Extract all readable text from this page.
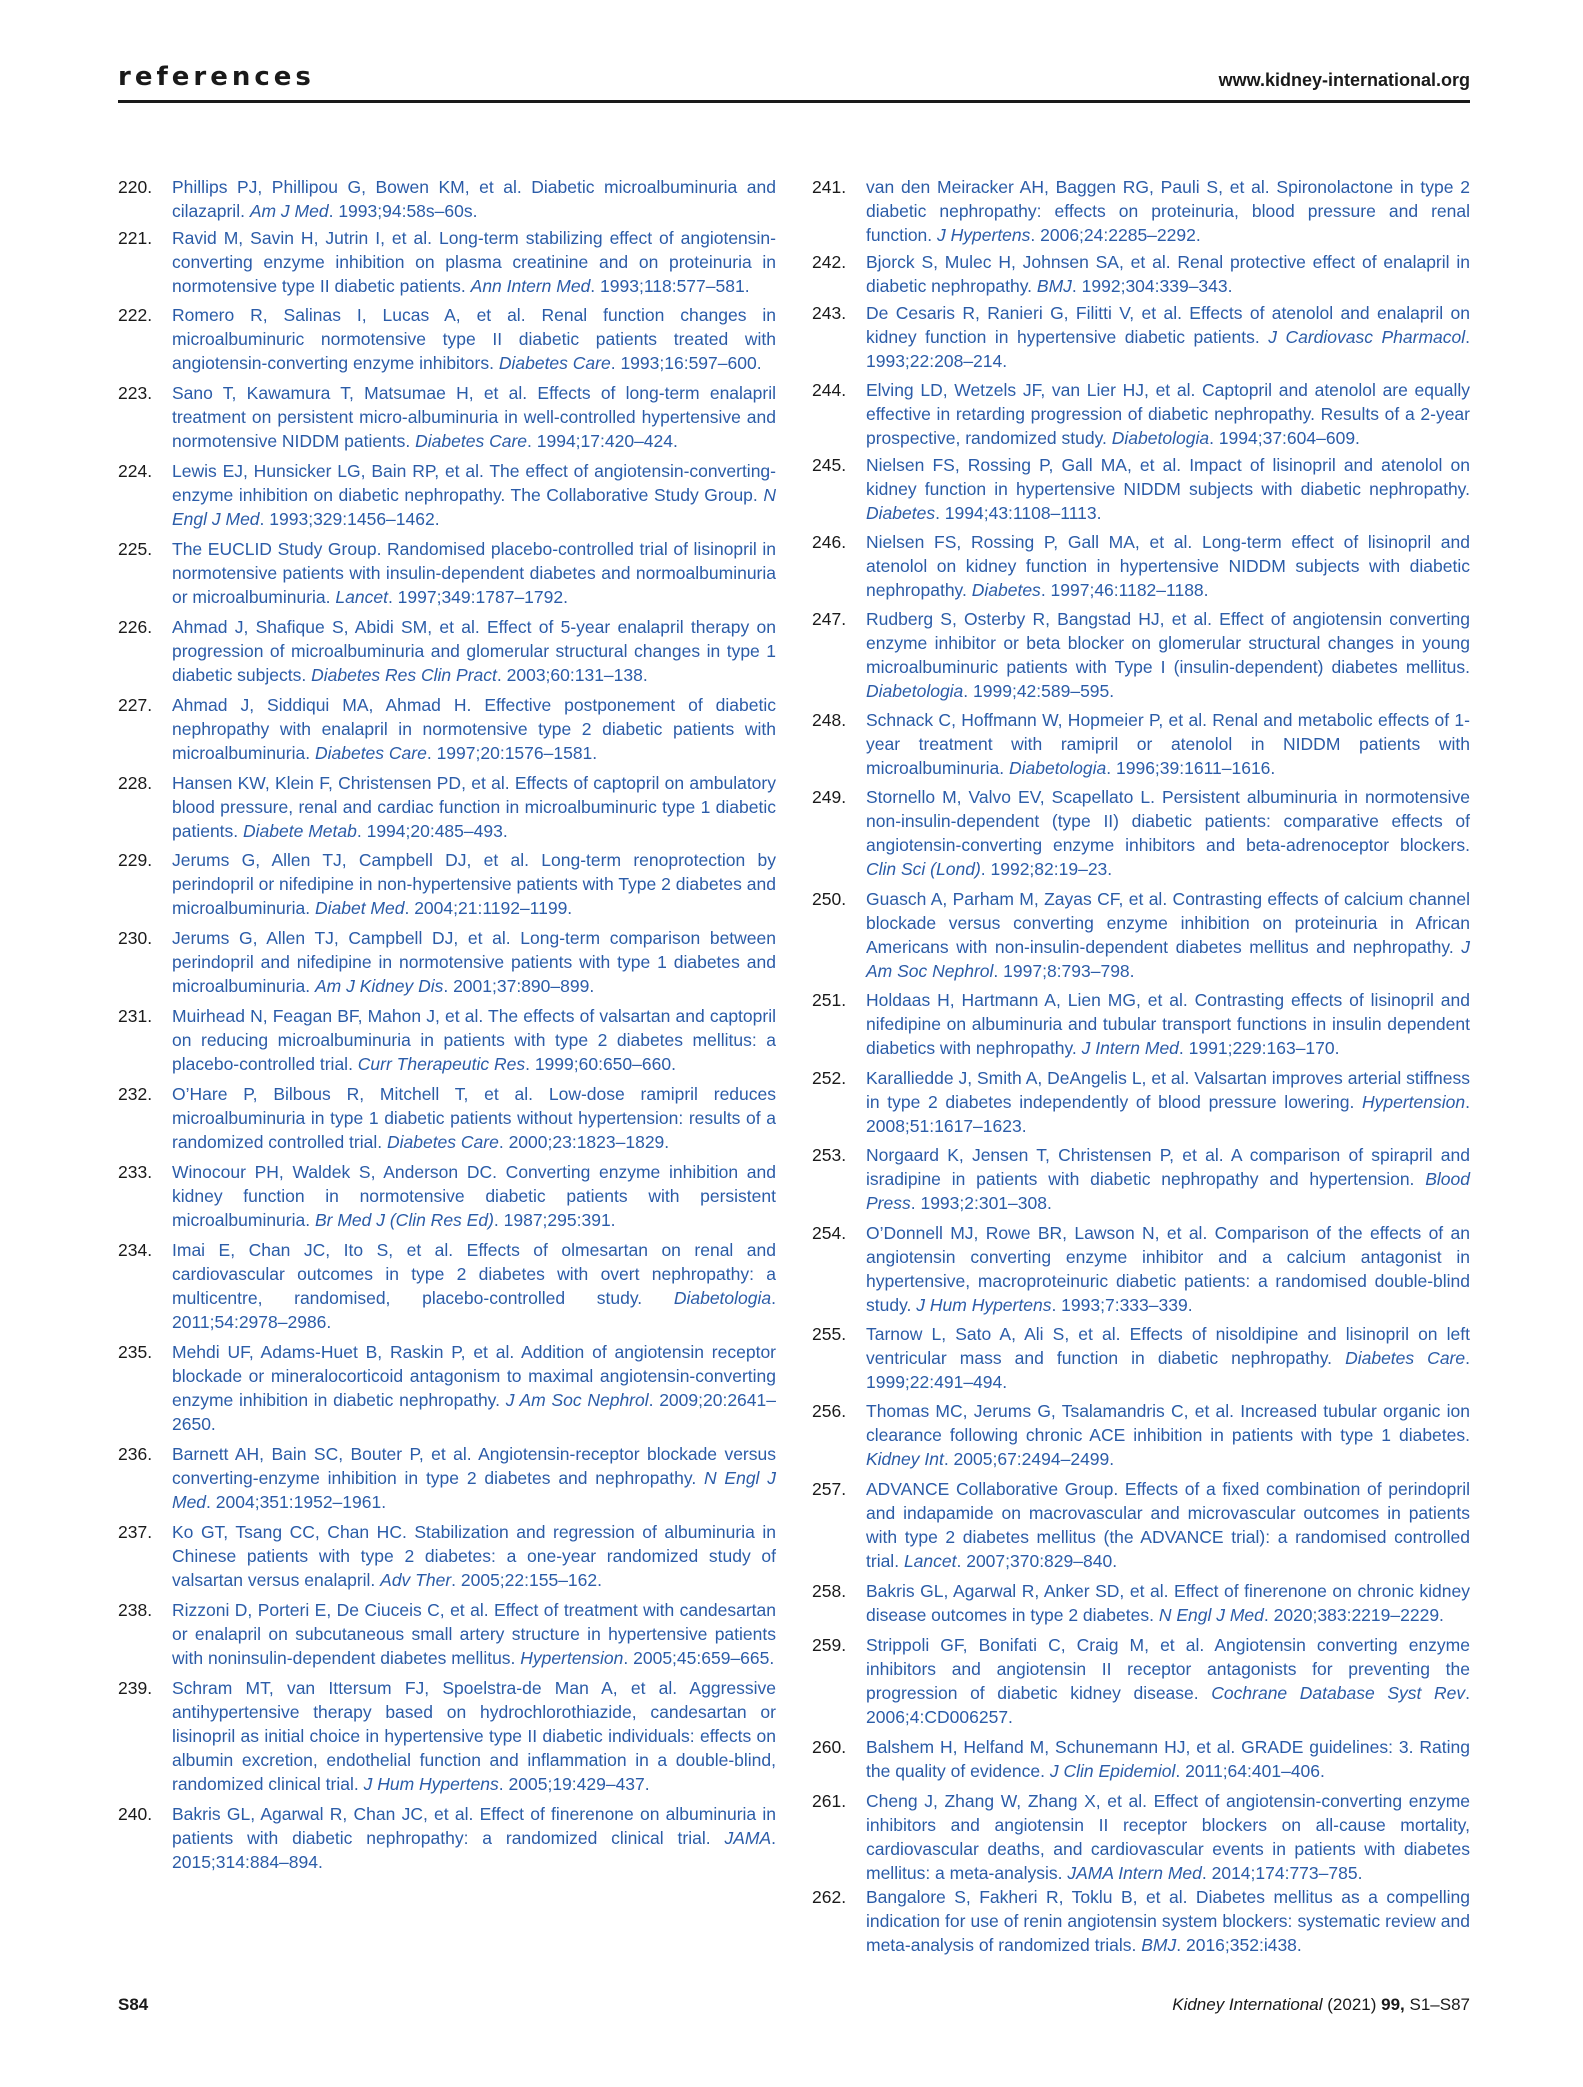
references	www.kidney-international.org
220. Phillips PJ, Phillipou G, Bowen KM, et al. Diabetic microalbuminuria and cilazapril. Am J Med. 1993;94:58s–60s.
221. Ravid M, Savin H, Jutrin I, et al. Long-term stabilizing effect of angiotensin-converting enzyme inhibition on plasma creatinine and on proteinuria in normotensive type II diabetic patients. Ann Intern Med. 1993;118:577–581.
222. Romero R, Salinas I, Lucas A, et al. Renal function changes in microalbuminuric normotensive type II diabetic patients treated with angiotensin-converting enzyme inhibitors. Diabetes Care. 1993;16:597–600.
223. Sano T, Kawamura T, Matsumae H, et al. Effects of long-term enalapril treatment on persistent micro-albuminuria in well-controlled hypertensive and normotensive NIDDM patients. Diabetes Care. 1994;17:420–424.
224. Lewis EJ, Hunsicker LG, Bain RP, et al. The effect of angiotensin-converting-enzyme inhibition on diabetic nephropathy. The Collaborative Study Group. N Engl J Med. 1993;329:1456–1462.
225. The EUCLID Study Group. Randomised placebo-controlled trial of lisinopril in normotensive patients with insulin-dependent diabetes and normoalbuminuria or microalbuminuria. Lancet. 1997;349:1787–1792.
226. Ahmad J, Shafique S, Abidi SM, et al. Effect of 5-year enalapril therapy on progression of microalbuminuria and glomerular structural changes in type 1 diabetic subjects. Diabetes Res Clin Pract. 2003;60:131–138.
227. Ahmad J, Siddiqui MA, Ahmad H. Effective postponement of diabetic nephropathy with enalapril in normotensive type 2 diabetic patients with microalbuminuria. Diabetes Care. 1997;20:1576–1581.
228. Hansen KW, Klein F, Christensen PD, et al. Effects of captopril on ambulatory blood pressure, renal and cardiac function in microalbuminuric type 1 diabetic patients. Diabete Metab. 1994;20:485–493.
229. Jerums G, Allen TJ, Campbell DJ, et al. Long-term renoprotection by perindopril or nifedipine in non-hypertensive patients with Type 2 diabetes and microalbuminuria. Diabet Med. 2004;21:1192–1199.
230. Jerums G, Allen TJ, Campbell DJ, et al. Long-term comparison between perindopril and nifedipine in normotensive patients with type 1 diabetes and microalbuminuria. Am J Kidney Dis. 2001;37:890–899.
231. Muirhead N, Feagan BF, Mahon J, et al. The effects of valsartan and captopril on reducing microalbuminuria in patients with type 2 diabetes mellitus: a placebo-controlled trial. Curr Therapeutic Res. 1999;60:650–660.
232. O’Hare P, Bilbous R, Mitchell T, et al. Low-dose ramipril reduces microalbuminuria in type 1 diabetic patients without hypertension: results of a randomized controlled trial. Diabetes Care. 2000;23:1823–1829.
233. Winocour PH, Waldek S, Anderson DC. Converting enzyme inhibition and kidney function in normotensive diabetic patients with persistent microalbuminuria. Br Med J (Clin Res Ed). 1987;295:391.
234. Imai E, Chan JC, Ito S, et al. Effects of olmesartan on renal and cardiovascular outcomes in type 2 diabetes with overt nephropathy: a multicentre, randomised, placebo-controlled study. Diabetologia. 2011;54:2978–2986.
235. Mehdi UF, Adams-Huet B, Raskin P, et al. Addition of angiotensin receptor blockade or mineralocorticoid antagonism to maximal angiotensin-converting enzyme inhibition in diabetic nephropathy. J Am Soc Nephrol. 2009;20:2641–2650.
236. Barnett AH, Bain SC, Bouter P, et al. Angiotensin-receptor blockade versus converting-enzyme inhibition in type 2 diabetes and nephropathy. N Engl J Med. 2004;351:1952–1961.
237. Ko GT, Tsang CC, Chan HC. Stabilization and regression of albuminuria in Chinese patients with type 2 diabetes: a one-year randomized study of valsartan versus enalapril. Adv Ther. 2005;22:155–162.
238. Rizzoni D, Porteri E, De Ciuceis C, et al. Effect of treatment with candesartan or enalapril on subcutaneous small artery structure in hypertensive patients with noninsulin-dependent diabetes mellitus. Hypertension. 2005;45:659–665.
239. Schram MT, van Ittersum FJ, Spoelstra-de Man A, et al. Aggressive antihypertensive therapy based on hydrochlorothiazide, candesartan or lisinopril as initial choice in hypertensive type II diabetic individuals: effects on albumin excretion, endothelial function and inflammation in a double-blind, randomized clinical trial. J Hum Hypertens. 2005;19:429–437.
240. Bakris GL, Agarwal R, Chan JC, et al. Effect of finerenone on albuminuria in patients with diabetic nephropathy: a randomized clinical trial. JAMA. 2015;314:884–894.
241. van den Meiracker AH, Baggen RG, Pauli S, et al. Spironolactone in type 2 diabetic nephropathy: effects on proteinuria, blood pressure and renal function. J Hypertens. 2006;24:2285–2292.
242. Bjorck S, Mulec H, Johnsen SA, et al. Renal protective effect of enalapril in diabetic nephropathy. BMJ. 1992;304:339–343.
243. De Cesaris R, Ranieri G, Filitti V, et al. Effects of atenolol and enalapril on kidney function in hypertensive diabetic patients. J Cardiovasc Pharmacol. 1993;22:208–214.
244. Elving LD, Wetzels JF, van Lier HJ, et al. Captopril and atenolol are equally effective in retarding progression of diabetic nephropathy. Results of a 2-year prospective, randomized study. Diabetologia. 1994;37:604–609.
245. Nielsen FS, Rossing P, Gall MA, et al. Impact of lisinopril and atenolol on kidney function in hypertensive NIDDM subjects with diabetic nephropathy. Diabetes. 1994;43:1108–1113.
246. Nielsen FS, Rossing P, Gall MA, et al. Long-term effect of lisinopril and atenolol on kidney function in hypertensive NIDDM subjects with diabetic nephropathy. Diabetes. 1997;46:1182–1188.
247. Rudberg S, Osterby R, Bangstad HJ, et al. Effect of angiotensin converting enzyme inhibitor or beta blocker on glomerular structural changes in young microalbuminuric patients with Type I (insulin-dependent) diabetes mellitus. Diabetologia. 1999;42:589–595.
248. Schnack C, Hoffmann W, Hopmeier P, et al. Renal and metabolic effects of 1-year treatment with ramipril or atenolol in NIDDM patients with microalbuminuria. Diabetologia. 1996;39:1611–1616.
249. Stornello M, Valvo EV, Scapellato L. Persistent albuminuria in normotensive non-insulin-dependent (type II) diabetic patients: comparative effects of angiotensin-converting enzyme inhibitors and beta-adrenoceptor blockers. Clin Sci (Lond). 1992;82:19–23.
250. Guasch A, Parham M, Zayas CF, et al. Contrasting effects of calcium channel blockade versus converting enzyme inhibition on proteinuria in African Americans with non-insulin-dependent diabetes mellitus and nephropathy. J Am Soc Nephrol. 1997;8:793–798.
251. Holdaas H, Hartmann A, Lien MG, et al. Contrasting effects of lisinopril and nifedipine on albuminuria and tubular transport functions in insulin dependent diabetics with nephropathy. J Intern Med. 1991;229:163–170.
252. Karalliedde J, Smith A, DeAngelis L, et al. Valsartan improves arterial stiffness in type 2 diabetes independently of blood pressure lowering. Hypertension. 2008;51:1617–1623.
253. Norgaard K, Jensen T, Christensen P, et al. A comparison of spirapril and isradipine in patients with diabetic nephropathy and hypertension. Blood Press. 1993;2:301–308.
254. O’Donnell MJ, Rowe BR, Lawson N, et al. Comparison of the effects of an angiotensin converting enzyme inhibitor and a calcium antagonist in hypertensive, macroproteinuric diabetic patients: a randomised double-blind study. J Hum Hypertens. 1993;7:333–339.
255. Tarnow L, Sato A, Ali S, et al. Effects of nisoldipine and lisinopril on left ventricular mass and function in diabetic nephropathy. Diabetes Care. 1999;22:491–494.
256. Thomas MC, Jerums G, Tsalamandris C, et al. Increased tubular organic ion clearance following chronic ACE inhibition in patients with type 1 diabetes. Kidney Int. 2005;67:2494–2499.
257. ADVANCE Collaborative Group. Effects of a fixed combination of perindopril and indapamide on macrovascular and microvascular outcomes in patients with type 2 diabetes mellitus (the ADVANCE trial): a randomised controlled trial. Lancet. 2007;370:829–840.
258. Bakris GL, Agarwal R, Anker SD, et al. Effect of finerenone on chronic kidney disease outcomes in type 2 diabetes. N Engl J Med. 2020;383:2219–2229.
259. Strippoli GF, Bonifati C, Craig M, et al. Angiotensin converting enzyme inhibitors and angiotensin II receptor antagonists for preventing the progression of diabetic kidney disease. Cochrane Database Syst Rev. 2006;4:CD006257.
260. Balshem H, Helfand M, Schunemann HJ, et al. GRADE guidelines: 3. Rating the quality of evidence. J Clin Epidemiol. 2011;64:401–406.
261. Cheng J, Zhang W, Zhang X, et al. Effect of angiotensin-converting enzyme inhibitors and angiotensin II receptor blockers on all-cause mortality, cardiovascular deaths, and cardiovascular events in patients with diabetes mellitus: a meta-analysis. JAMA Intern Med. 2014;174:773–785.
262. Bangalore S, Fakheri R, Toklu B, et al. Diabetes mellitus as a compelling indication for use of renin angiotensin system blockers: systematic review and meta-analysis of randomized trials. BMJ. 2016;352:i438.
S84	Kidney International (2021) 99, S1–S87
